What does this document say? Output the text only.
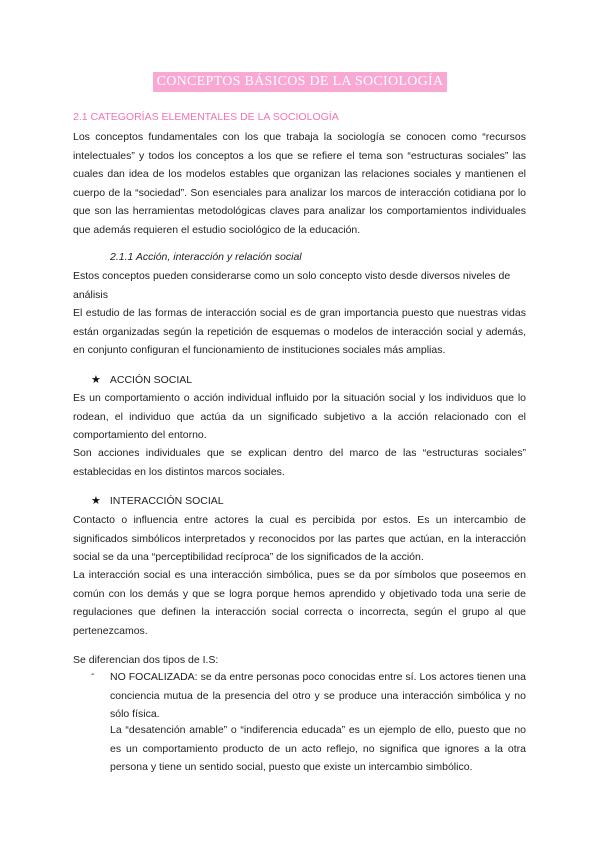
CONCEPTOS BÁSICOS DE LA SOCIOLOGÍA
2.1 CATEGORÍAS ELEMENTALES DE LA SOCIOLOGÍA

Los conceptos fundamentales con los que trabaja la sociología se conocen como “recursos intelectuales” y todos los conceptos a los que se refiere el tema son “estructuras sociales” las cuales dan idea de los modelos estables que organizan las relaciones sociales y mantienen el cuerpo de la “sociedad”. Son esenciales para analizar los marcos de interacción cotidiana por lo que son las herramientas metodológicas claves para analizar los comportamientos individuales que además requieren el estudio sociológico de la educación.

2.1.1 Acción, interacción y relación social

Estos conceptos pueden considerarse como un solo concepto visto desde diversos niveles de análisis

El estudio de las formas de interacción social es de gran importancia puesto que nuestras vidas están organizadas según la repetición de esquemas o modelos de interacción social y además, en conjunto configuran el funcionamiento de instituciones sociales más amplias.

★ ACCIÓN SOCIAL

Es un comportamiento o acción individual influido por la situación social y los individuos que lo rodean, el individuo que actúa da un significado subjetivo a la acción relacionado con el comportamiento del entorno.

Son acciones individuales que se explican dentro del marco de las “estructuras sociales” establecidas en los distintos marcos sociales.

★ INTERACCIÓN SOCIAL

Contacto o influencia entre actores la cual es percibida por estos. Es un intercambio de significados simbólicos interpretados y reconocidos por las partes que actúan, en la interacción social se da una “perceptibilidad recíproca” de los significados de la acción.

La interacción social es una interacción simbólica, pues se da por símbolos que poseemos en común con los demás y que se logra porque hemos aprendido y objetivado toda una serie de regulaciones que definen la interacción social correcta o incorrecta, según el grupo al que pertenezcamos.

Se diferencian dos tipos de I.S:

- NO FOCALIZADA: se da entre personas poco conocidas entre sí. Los actores tienen una conciencia mutua de la presencia del otro y se produce una interacción simbólica y no sólo física.

La “desatención amable” o “indiferencia educada” es un ejemplo de ello, puesto que no es un comportamiento producto de un acto reflejo, no significa que ignores a la otra persona y tiene un sentido social, puesto que existe un intercambio simbólico.
